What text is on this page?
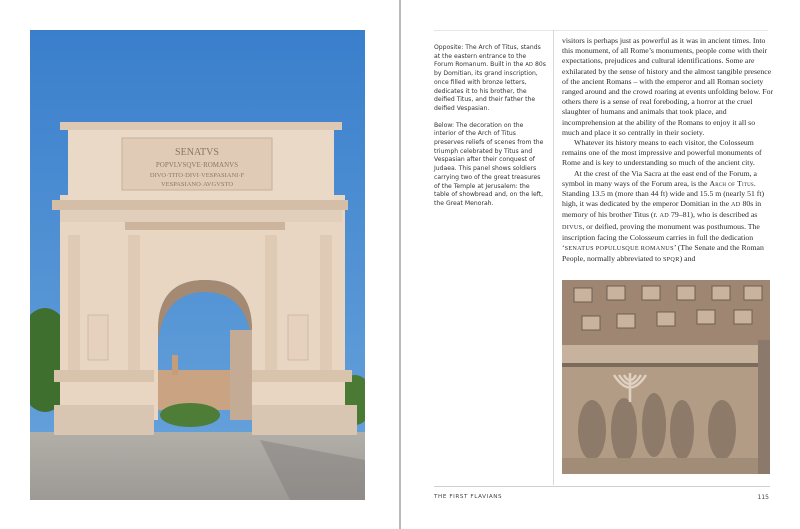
SENATVS
POPVLVSQVE·ROMANVS
DIVO·TITO·DIVI·VESPASIANI·F
VESPASIANO·AVGVSTO

Opposite: The Arch of Titus, stands at the eastern entrance to the Forum Romanum. Built in the AD 80s by Domitian, its grand inscription, once filled with bronze letters, dedicates it to his brother, the deified Titus, and their father the deified Vespasian.

Below: The decoration on the interior of the Arch of Titus preserves reliefs of scenes from the triumph celebrated by Titus and Vespasian after their conquest of Judaea. This panel shows soldiers carrying two of the great treasures of the Temple at Jerusalem: the table of showbread and, on the left, the Great Menorah.

visitors is perhaps just as powerful as it was in ancient times. Into this monument, of all Rome’s monuments, people come with their expectations, prejudices and cultural identifications. Some are exhilarated by the sense of history and the almost tangible presence of the ancient Romans – with the emperor and all Roman society ranged around and the crowd roaring at events unfolding below. For others there is a sense of real foreboding, a horror at the cruel slaughter of humans and animals that took place, and incomprehension at the ability of the Romans to enjoy it all so much and place it so centrally in their society.

Whatever its history means to each visitor, the Colosseum remains one of the most impressive and powerful monuments of Rome and is key to understanding so much of the ancient city.

At the crest of the Via Sacra at the east end of the Forum, a symbol in many ways of the Forum area, is the Arch of Titus. Standing 13.5 m (more than 44 ft) wide and 15.5 m (nearly 51 ft) high, it was dedicated by the emperor Domitian in the AD 80s in memory of his brother Titus (r. AD 79–81), who is described as DIVUS, or deified, proving the monument was posthumous. The inscription facing the Colosseum carries in full the dedication ‘SENATUS POPULUSQUE ROMANUS’ (The Senate and the Roman People, normally abbreviated to SPQR) and

THE FIRST FLAVIANS	115
